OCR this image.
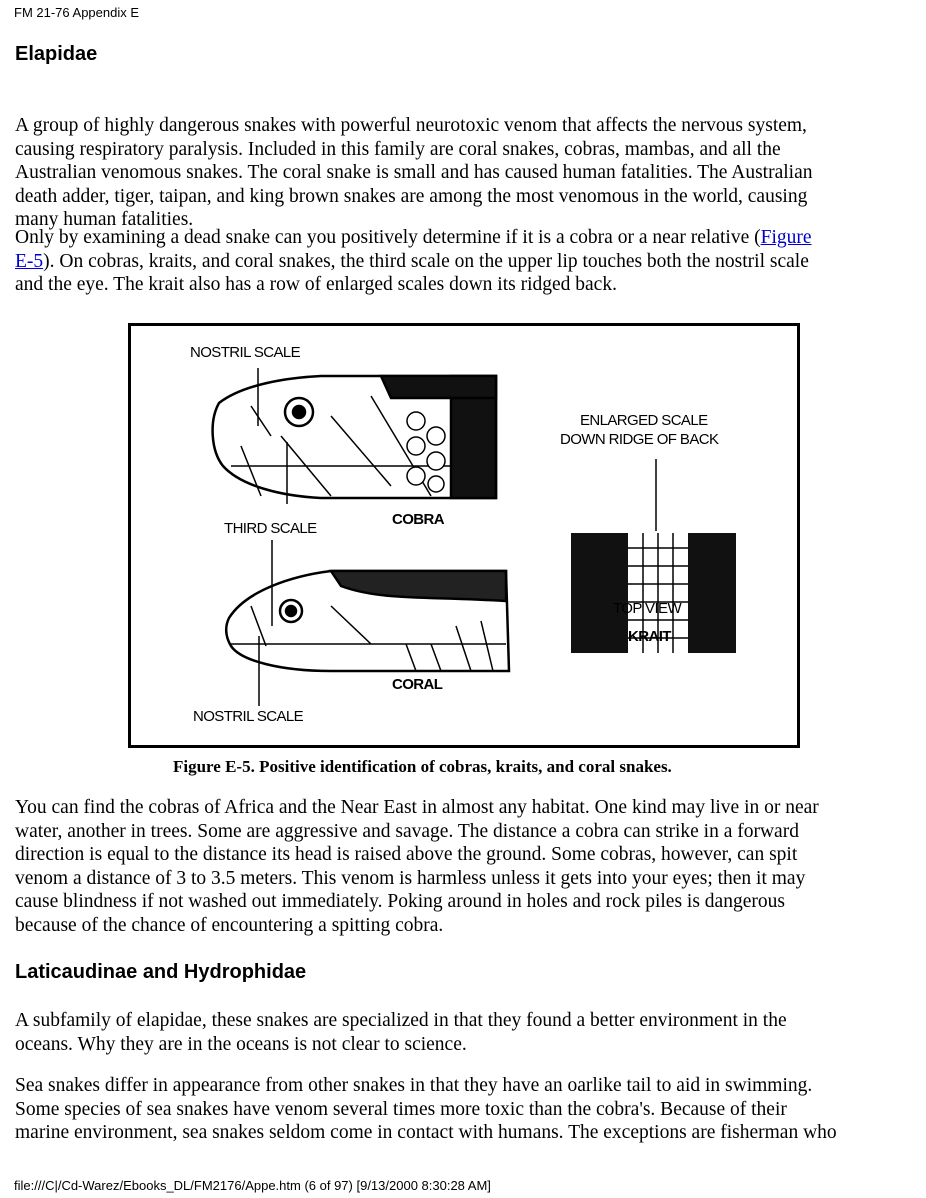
FM 21-76 Appendix E
Elapidae
A group of highly dangerous snakes with powerful neurotoxic venom that affects the nervous system,
causing respiratory paralysis. Included in this family are coral snakes, cobras, mambas, and all the
Australian venomous snakes. The coral snake is small and has caused human fatalities. The Australian
death adder, tiger, taipan, and king brown snakes are among the most venomous in the world, causing
many human fatalities.
Only by examining a dead snake can you positively determine if it is a cobra or a near relative (Figure
E-5). On cobras, kraits, and coral snakes, the third scale on the upper lip touches both the nostril scale
and the eye. The krait also has a row of enlarged scales down its ridged back.
NOSTRIL SCALE
THIRD SCALE
COBRA
CORAL
NOSTRIL SCALE
ENLARGED SCALE
DOWN RIDGE OF BACK
TOP VIEW
KRAIT
Figure E-5. Positive identification of cobras, kraits, and coral snakes.
You can find the cobras of Africa and the Near East in almost any habitat. One kind may live in or near
water, another in trees. Some are aggressive and savage. The distance a cobra can strike in a forward
direction is equal to the distance its head is raised above the ground. Some cobras, however, can spit
venom a distance of 3 to 3.5 meters. This venom is harmless unless it gets into your eyes; then it may
cause blindness if not washed out immediately. Poking around in holes and rock piles is dangerous
because of the chance of encountering a spitting cobra.
Laticaudinae and Hydrophidae
A subfamily of elapidae, these snakes are specialized in that they found a better environment in the
oceans. Why they are in the oceans is not clear to science.
Sea snakes differ in appearance from other snakes in that they have an oarlike tail to aid in swimming.
Some species of sea snakes have venom several times more toxic than the cobra's. Because of their
marine environment, sea snakes seldom come in contact with humans. The exceptions are fisherman who
file:///C|/Cd-Warez/Ebooks_DL/FM2176/Appe.htm (6 of 97) [9/13/2000 8:30:28 AM]
